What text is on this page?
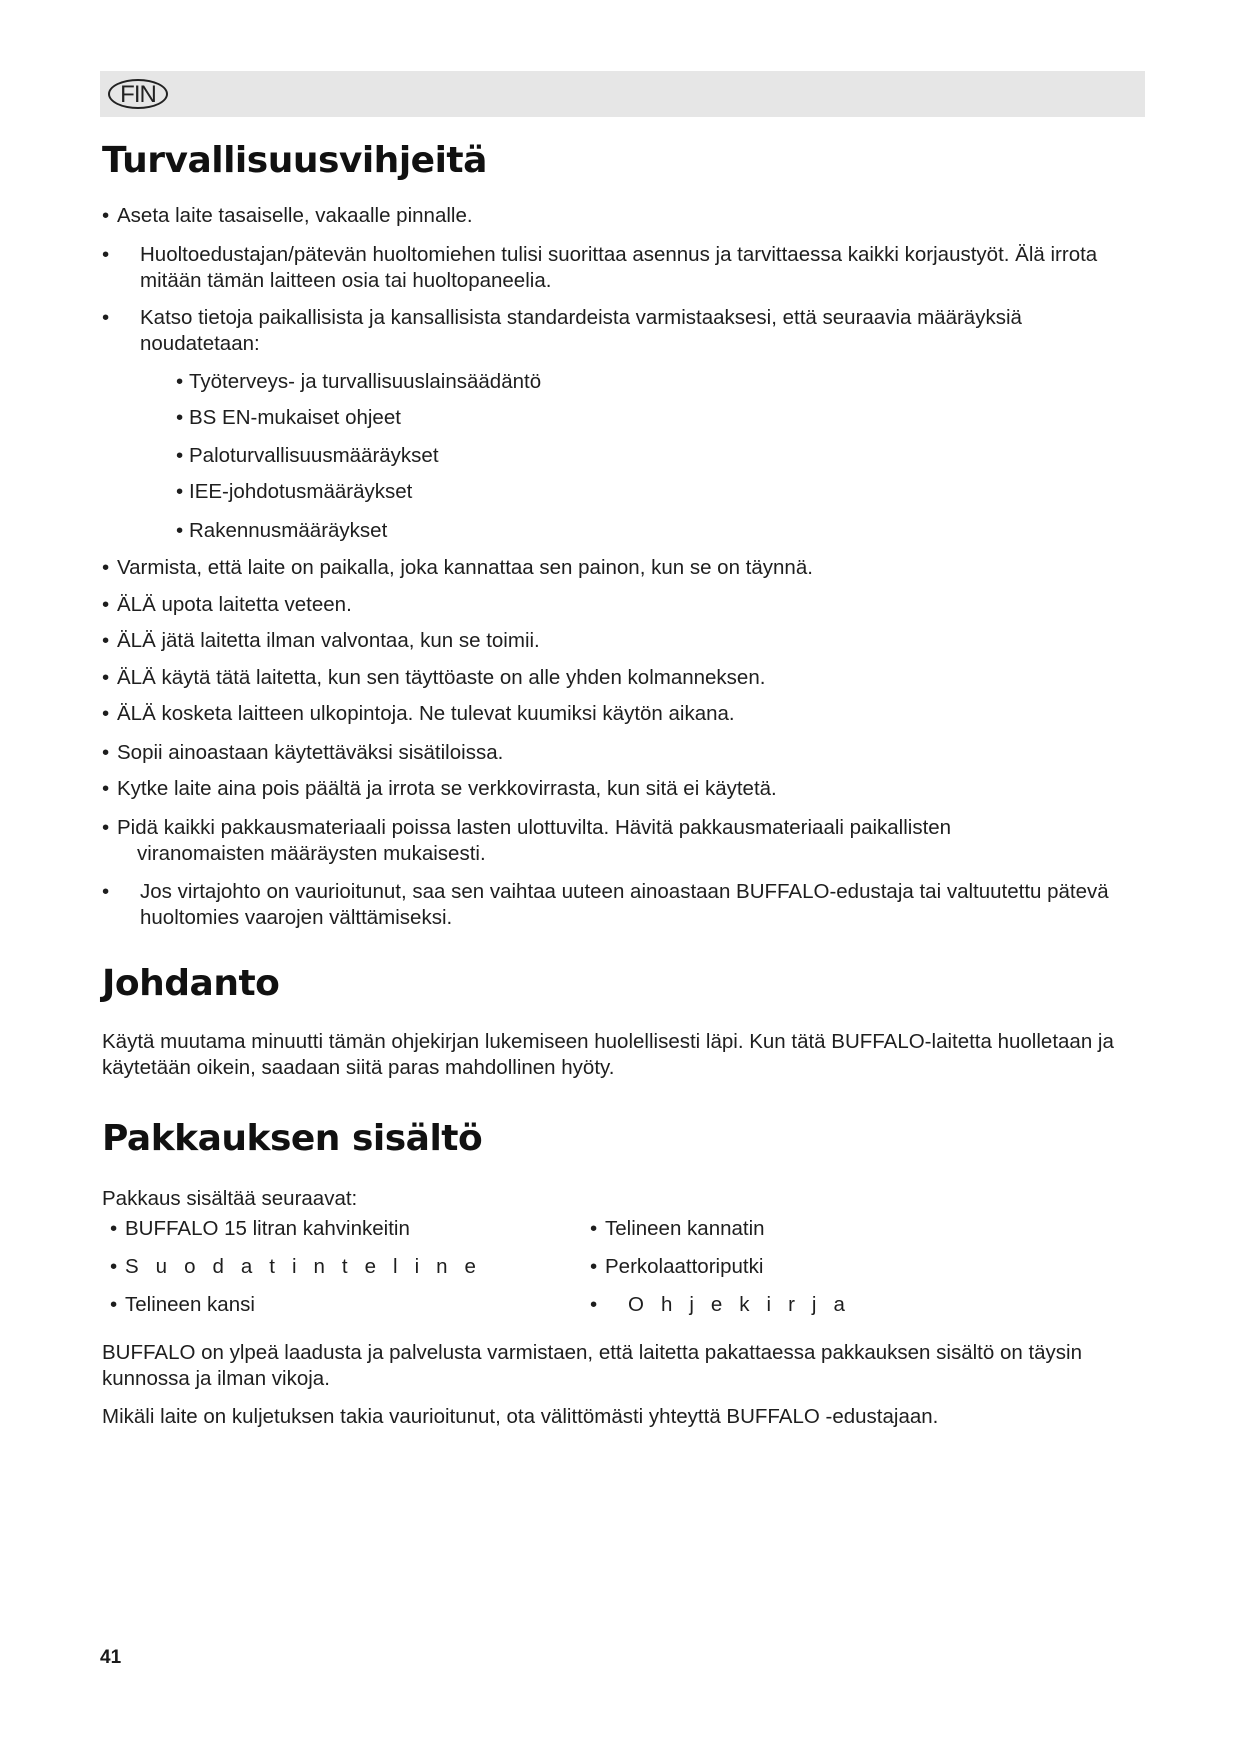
FIN
Turvallisuusvihjeitä
• Aseta laite tasaiselle, vakaalle pinnalle.
•	Huoltoedustajan/pätevän huoltomiehen tulisi suorittaa asennus ja tarvittaessa kaikki korjaustyöt. Älä irrota mitään tämän laitteen osia tai huoltopaneelia.
•	Katso tietoja paikallisista ja kansallisista standardeista varmistaaksesi, että seuraavia määräyksiä noudatetaan:
• Työterveys- ja turvallisuuslainsäädäntö
• BS EN-mukaiset ohjeet
• Paloturvallisuusmääräykset
• IEE-johdotusmääräykset
• Rakennusmääräykset
• Varmista, että laite on paikalla, joka kannattaa sen painon, kun se on täynnä.
• ÄLÄ upota laitetta veteen.
• ÄLÄ jätä laitetta ilman valvontaa, kun se toimii.
• ÄLÄ käytä tätä laitetta, kun sen täyttöaste on alle yhden kolmanneksen.
• ÄLÄ kosketa laitteen ulkopintoja. Ne tulevat kuumiksi käytön aikana.
• Sopii ainoastaan käytettäväksi sisätiloissa.
• Kytke laite aina pois päältä ja irrota se verkkovirrasta, kun sitä ei käytetä.
• Pidä kaikki pakkausmateriaali poissa lasten ulottuvilta. Hävitä pakkausmateriaali paikallisten
viranomaisten määräysten mukaisesti.
•	Jos virtajohto on vaurioitunut, saa sen vaihtaa uuteen ainoastaan BUFFALO-edustaja tai valtuutettu pätevä huoltomies vaarojen välttämiseksi.
Johdanto

Käytä muutama minuutti tämän ohjekirjan lukemiseen huolellisesti läpi. Kun tätä BUFFALO-laitetta huolletaan ja käytetään oikein, saadaan siitä paras mahdollinen hyöty.

Pakkauksen sisältö

Pakkaus sisältää seuraavat:

• BUFFALO 15 litran kahvinkeitin
• Suodatinteline
• Telineen kansi
• Telineen kannatin
• Perkolaattoriputki
• Ohjekirja

BUFFALO on ylpeä laadusta ja palvelusta varmistaen, että laitetta pakattaessa pakkauksen sisältö on täysin kunnossa ja ilman vikoja.

Mikäli laite on kuljetuksen takia vaurioitunut, ota välittömästi yhteyttä BUFFALO -edustajaan.

41
